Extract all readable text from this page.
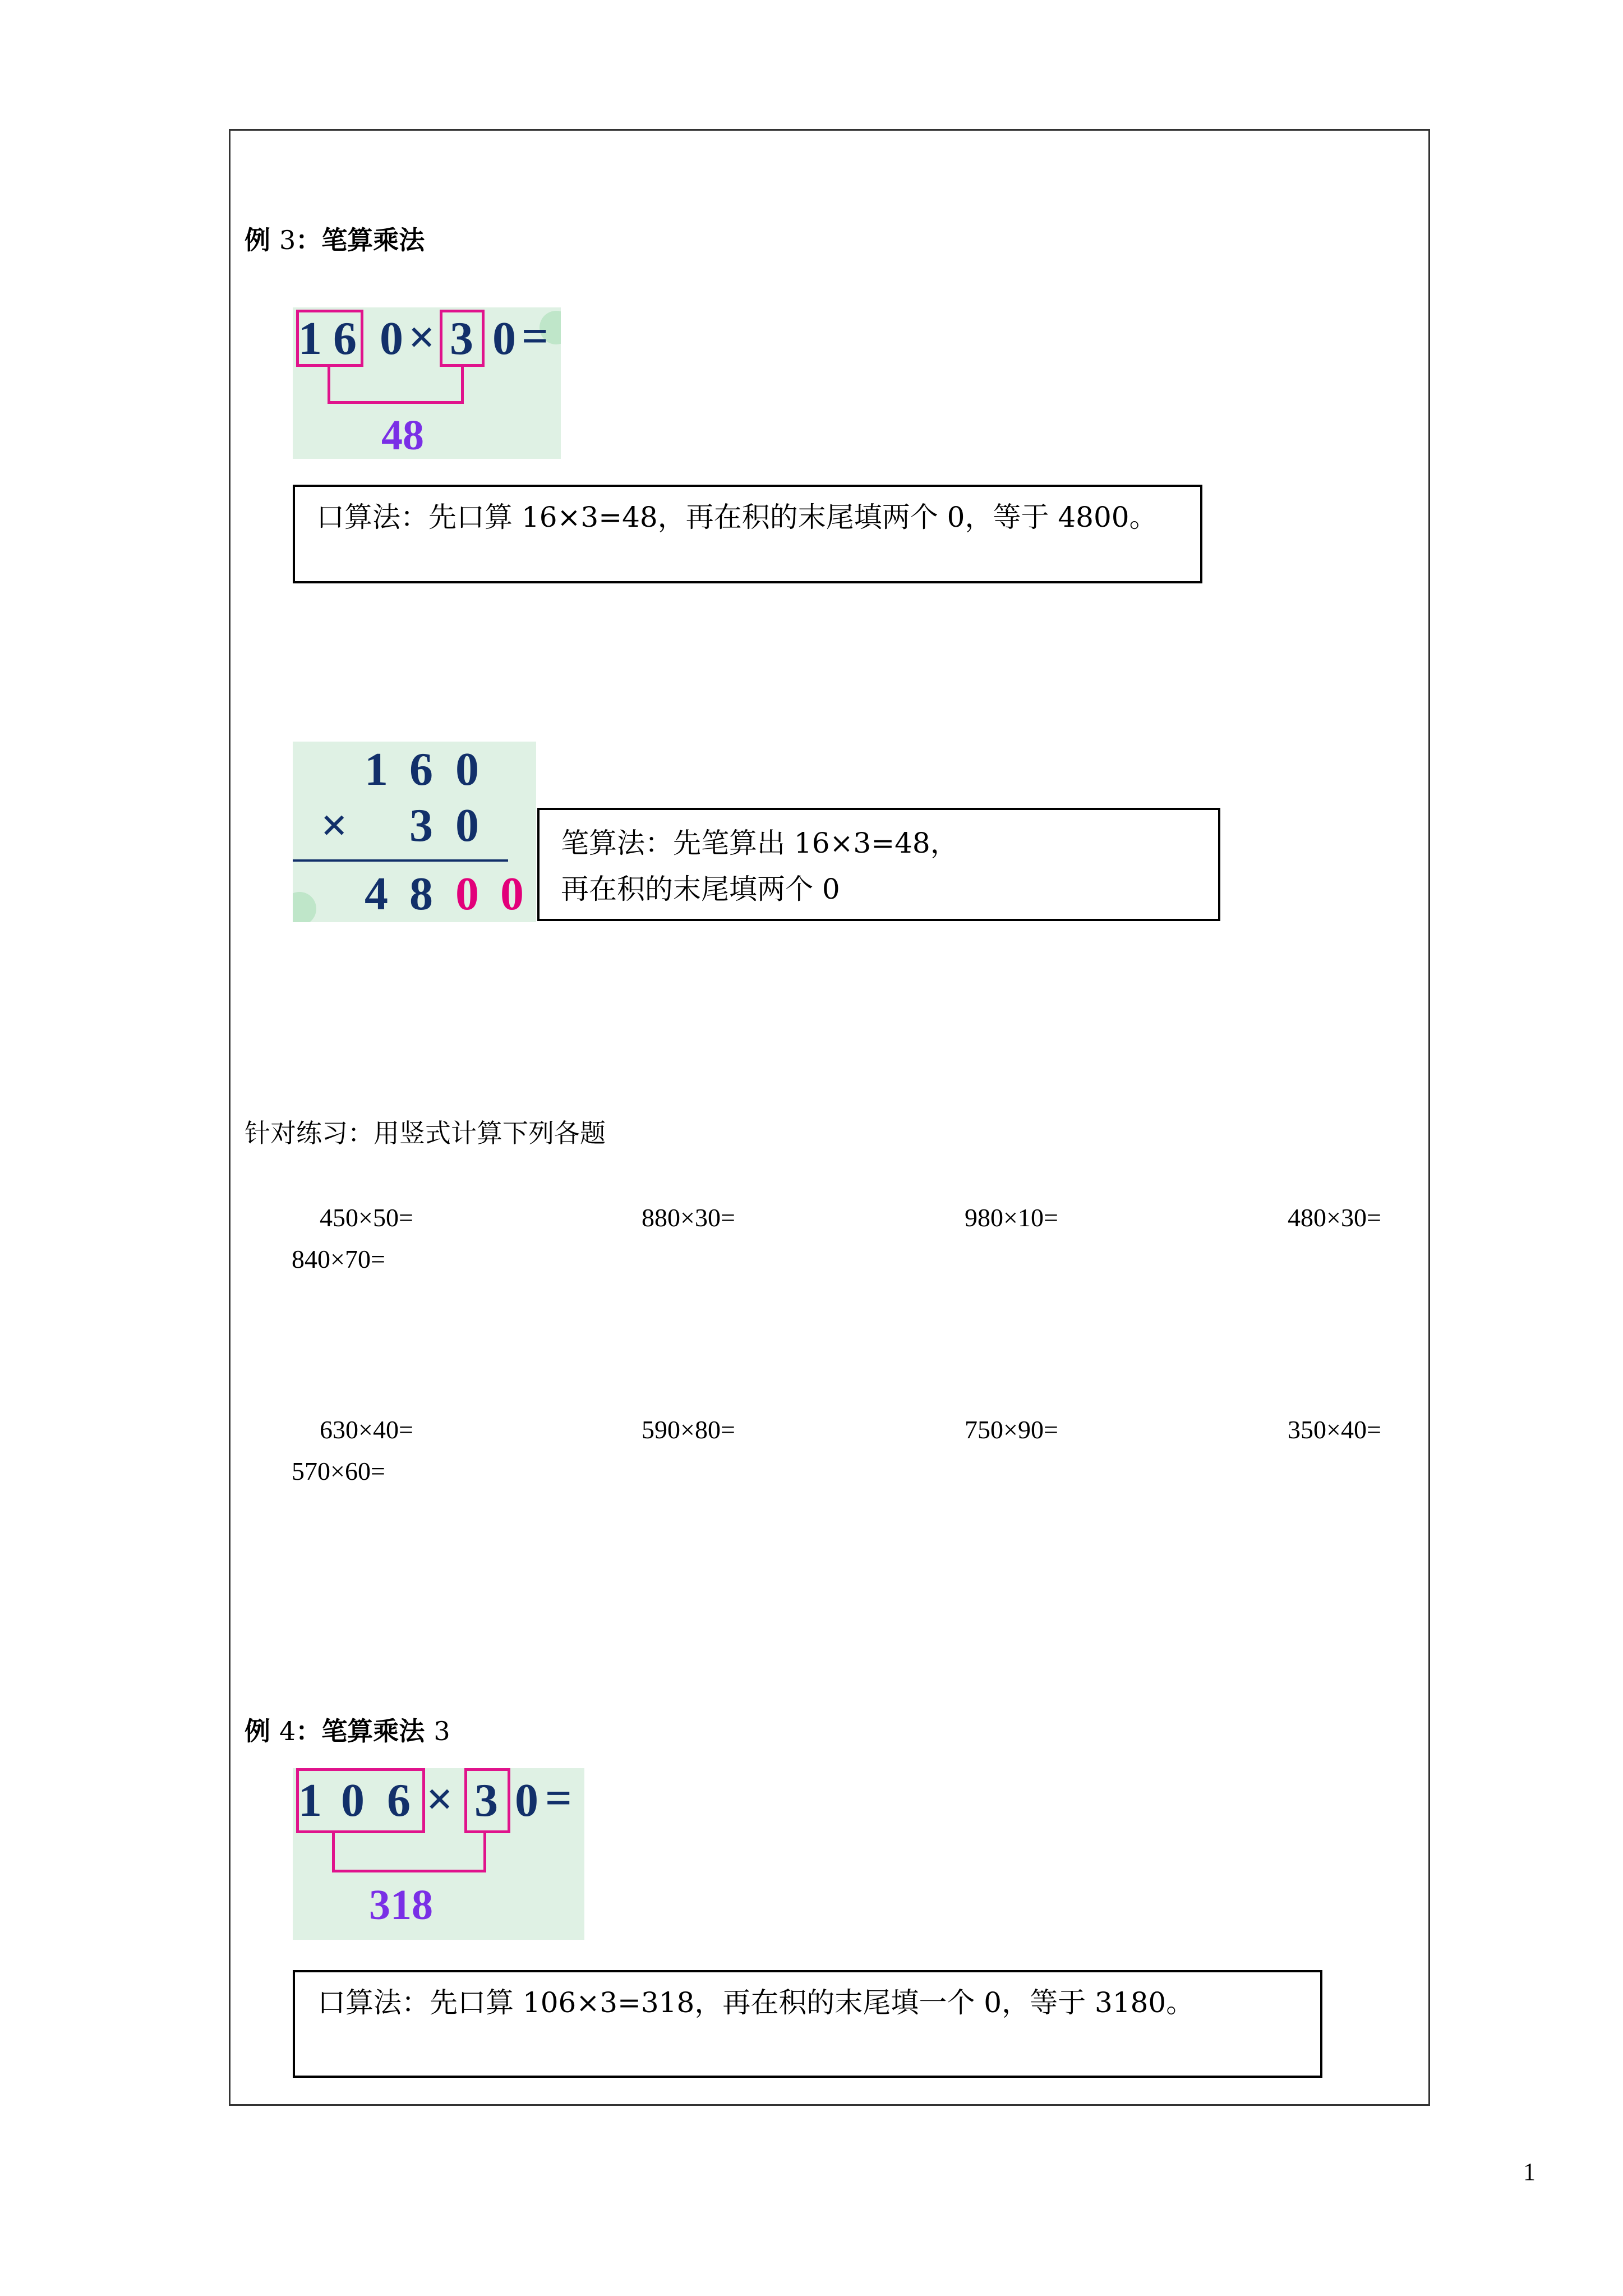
例 3：笔算乘法
1 6 0 × 3 0 =
48
口算法：先口算 16×3=48，再在积的末尾填两个 0，等于 4800。
1 6 0
× 3 0
4 8 0 0
笔算法：先笔算出 16×3=48，
再在积的末尾填两个 0
针对练习：用竖式计算下列各题
450×50=	880×30=	980×10=	480×30=
840×70=
630×40=	590×80=	750×90=	350×40=
570×60=
例 4：笔算乘法 3
1 0 6 × 3 0 =
318
口算法：先口算 106×3=318，再在积的末尾填一个 0，等于 3180。
1
